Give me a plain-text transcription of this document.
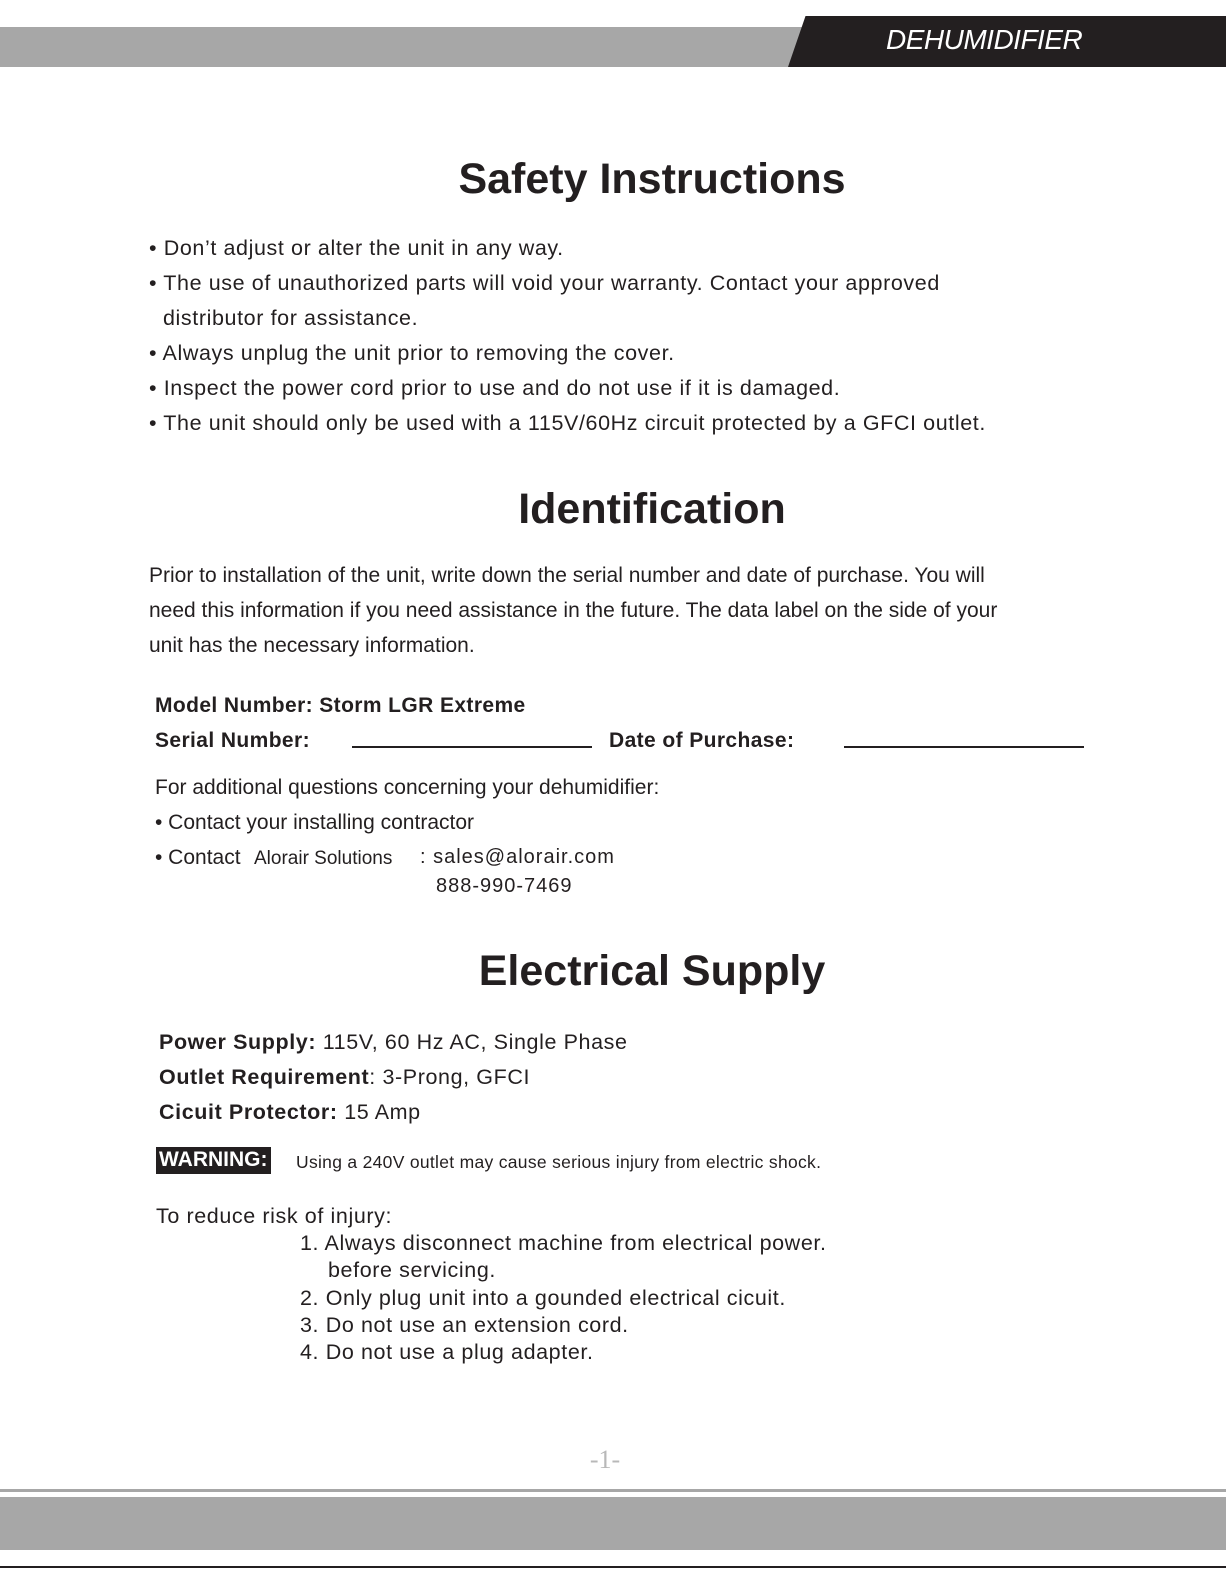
DEHUMIDIFIER
Safety Instructions
• Don’t adjust or alter the unit in any way.
• The use of unauthorized parts will void your warranty. Contact your approved
distributor for assistance.
• Always unplug the unit prior to removing the cover.
• Inspect the power cord prior to use and do not use if it is damaged.
• The unit should only be used with a 115V/60Hz circuit protected by a GFCI outlet.
Identification
Prior to installation of the unit, write down the serial number and date of purchase. You will
need this information if you need assistance in the future. The data label on the side of your
unit has the necessary information.
Model Number: Storm LGR Extreme
Serial Number:	Date of Purchase:
For additional questions concerning your dehumidifier:
• Contact your installing contractor
• Contact Alorair Solutions : sales@alorair.com
888-990-7469
Electrical Supply
Power Supply: 115V, 60 Hz AC, Single Phase
Outlet Requirement: 3-Prong, GFCI
Cicuit Protector: 15 Amp
WARNING: Using a 240V outlet may cause serious injury from electric shock.
To reduce risk of injury:
1. Always disconnect machine from electrical power.
before servicing.
2. Only plug unit into a gounded electrical cicuit.
3. Do not use an extension cord.
4. Do not use a plug adapter.
-1-
